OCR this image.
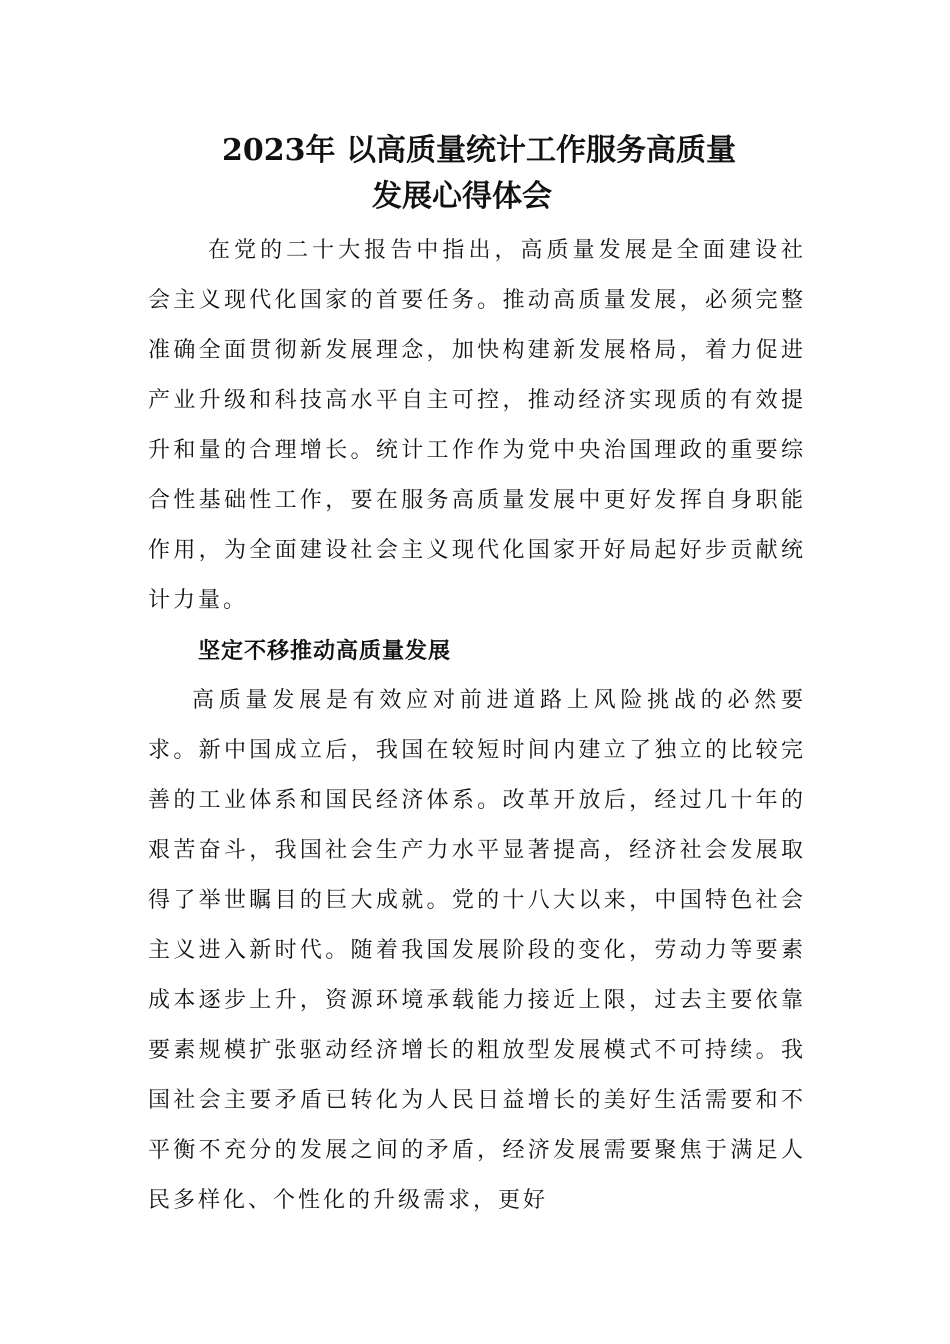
2023年 以高质量统计工作服务高质量
发展心得体会

在党的二十大报告中指出，高质量发展是全面建设社会主义现代化国家的首要任务。推动高质量发展，必须完整准确全面贯彻新发展理念，加快构建新发展格局，着力促进产业升级和科技高水平自主可控，推动经济实现质的有效提升和量的合理增长。统计工作作为党中央治国理政的重要综合性基础性工作，要在服务高质量发展中更好发挥自身职能作用，为全面建设社会主义现代化国家开好局起好步贡献统计力量。

坚定不移推动高质量发展

高质量发展是有效应对前进道路上风险挑战的必然要求。新中国成立后，我国在较短时间内建立了独立的比较完善的工业体系和国民经济体系。改革开放后，经过几十年的艰苦奋斗，我国社会生产力水平显著提高，经济社会发展取得了举世瞩目的巨大成就。党的十八大以来，中国特色社会主义进入新时代。随着我国发展阶段的变化，劳动力等要素成本逐步上升，资源环境承载能力接近上限，过去主要依靠要素规模扩张驱动经济增长的粗放型发展模式不可持续。我国社会主要矛盾已转化为人民日益增长的美好生活需要和不平衡不充分的发展之间的矛盾，经济发展需要聚焦于满足人民多样化、个性化的升级需求，更好
